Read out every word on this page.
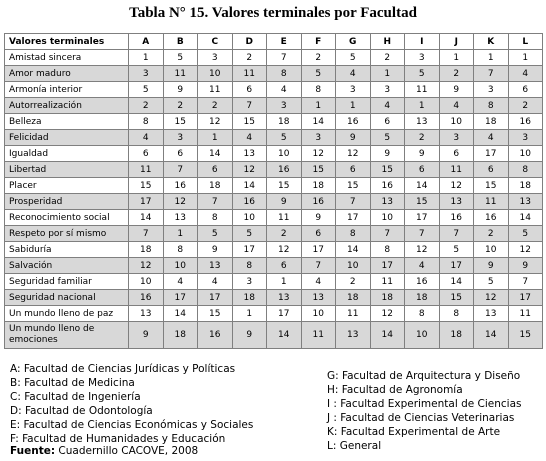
Tabla N° 15. Valores terminales por Facultad
Valores terminales	A	B	C	D	E	F	G	H	I	J	K	L
Amistad sincera	1	5	3	2	7	2	5	2	3	1	1	1
Amor maduro	3	11	10	11	8	5	4	1	5	2	7	4
Armonía interior	5	9	11	6	4	8	3	3	11	9	3	6
Autorrealización	2	2	2	7	3	1	1	4	1	4	8	2
Belleza	8	15	12	15	18	14	16	6	13	10	18	16
Felicidad	4	3	1	4	5	3	9	5	2	3	4	3
Igualdad	6	6	14	13	10	12	12	9	9	6	17	10
Libertad	11	7	6	12	16	15	6	15	6	11	6	8
Placer	15	16	18	14	15	18	15	16	14	12	15	18
Prosperidad	17	12	7	16	9	16	7	13	15	13	11	13
Reconocimiento social	14	13	8	10	11	9	17	10	17	16	16	14
Respeto por sí mismo	7	1	5	5	2	6	8	7	7	7	2	5
Sabiduría	18	8	9	17	12	17	14	8	12	5	10	12
Salvación	12	10	13	8	6	7	10	17	4	17	9	9
Seguridad familiar	10	4	4	3	1	4	2	11	16	14	5	7
Seguridad nacional	16	17	17	18	13	13	18	18	18	15	12	17
Un mundo lleno de paz	13	14	15	1	17	10	11	12	8	8	13	11
Un mundo lleno de emociones	9	18	16	9	14	11	13	14	10	18	14	15
A: Facultad de Ciencias Jurídicas y Políticas
B: Facultad de Medicina
C: Facultad de Ingeniería
D: Facultad de Odontología
E: Facultad de Ciencias Económicas y Sociales
F: Facultad de Humanidades y Educación
G: Facultad de Arquitectura y Diseño
H: Facultad de Agronomía
I : Facultad Experimental de Ciencias
J : Facultad de Ciencias Veterinarias
K: Facultad Experimental de Arte
L: General
Fuente: Cuadernillo CACOVE, 2008
